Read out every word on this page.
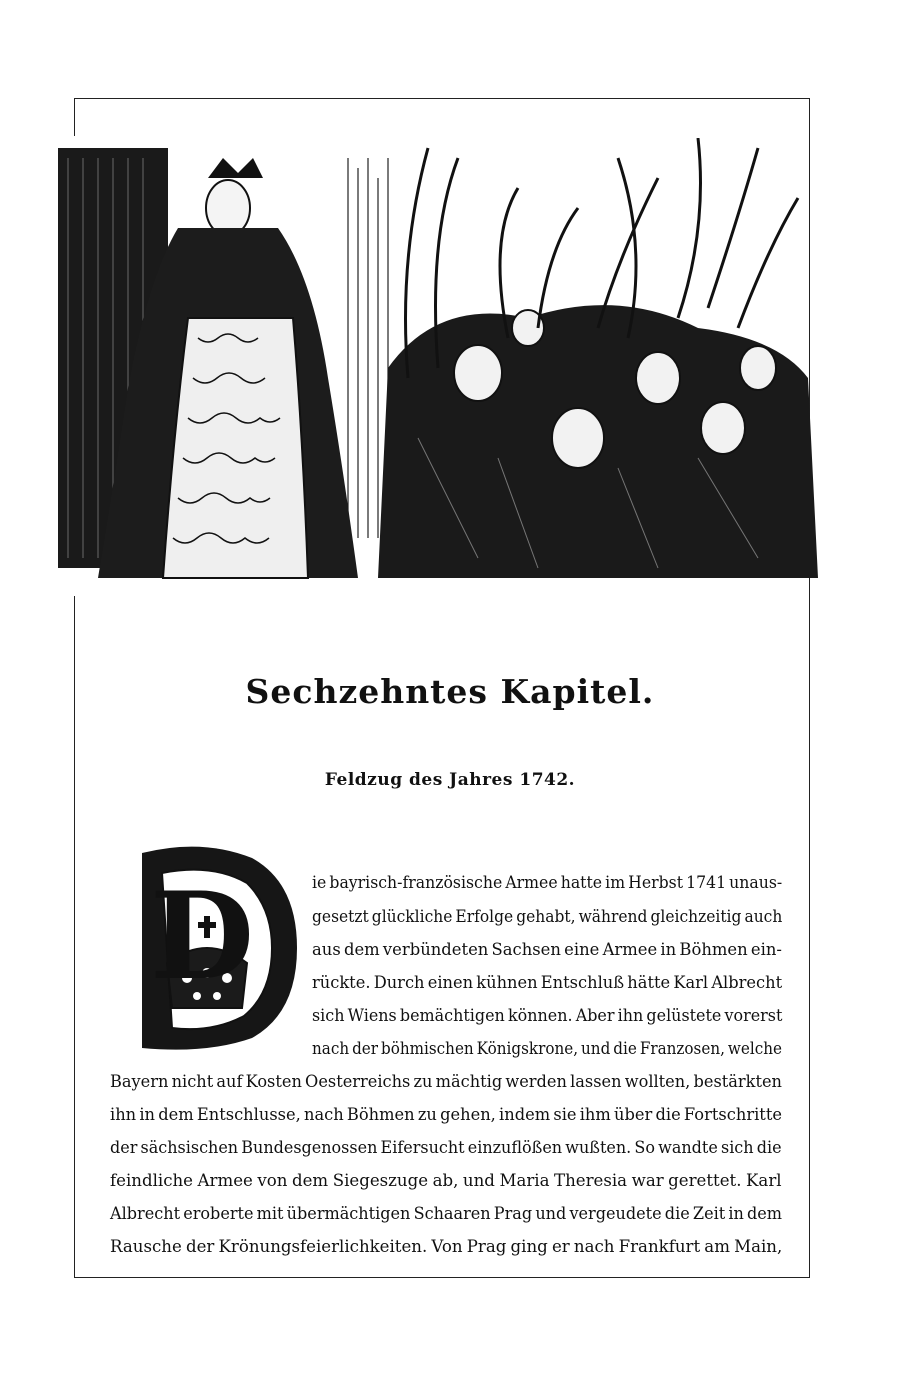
Sechzehntes Kapitel.
Feldzug des Jahres 1742.
D	ie bayrisch-französische Armee hatte im Herbst 1741 unaus-
gesetzt glückliche Erfolge gehabt, während gleichzeitig auch
aus dem verbündeten Sachsen eine Armee in Böhmen ein-
rückte. Durch einen kühnen Entschluß hätte Karl Albrecht
sich Wiens bemächtigen können. Aber ihn gelüstete vorerst
nach der böhmischen Königskrone, und die Franzosen, welche
Bayern nicht auf Kosten Oesterreichs zu mächtig werden lassen wollten, bestärkten
ihn in dem Entschlusse, nach Böhmen zu gehen, indem sie ihm über die Fortschritte
der sächsischen Bundesgenossen Eifersucht einzuflößen wußten. So wandte sich die
feindliche Armee von dem Siegeszuge ab, und Maria Theresia war gerettet. Karl
Albrecht eroberte mit übermächtigen Schaaren Prag und vergeudete die Zeit in dem
Rausche der Krönungsfeierlichkeiten. Von Prag ging er nach Frankfurt am Main,
